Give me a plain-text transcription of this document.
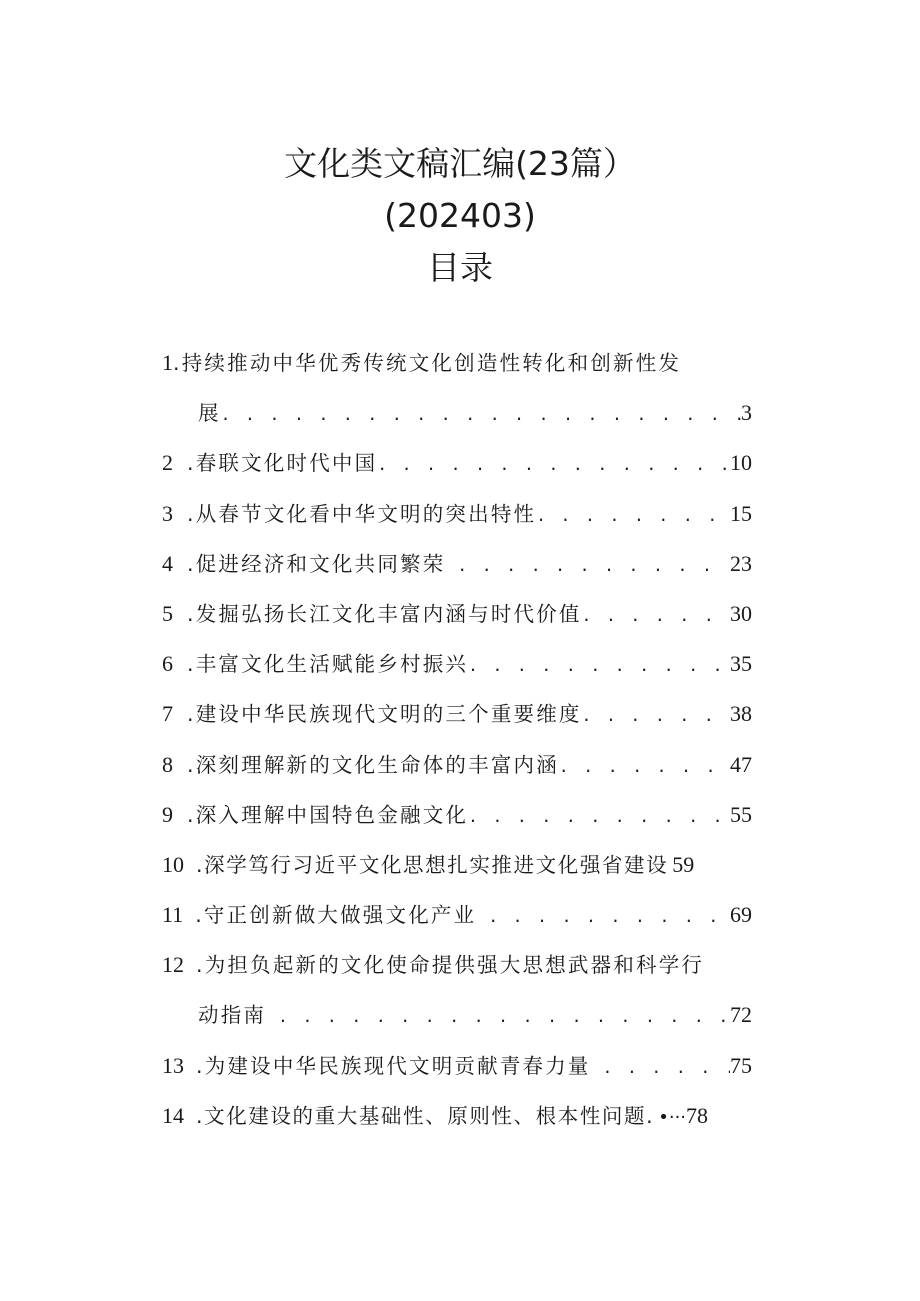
文化类文稿汇编(23篇）
(202403)
目录
1 .持续推动中华优秀传统文化创造性转化和创新性发
展 . . .	3
2 .春联文化时代中国 . . .	10
3 .从春节文化看中华文明的突出特性 . . .	15
4 .促进经济和文化共同繁荣 . . .	23
5 .发掘弘扬长江文化丰富内涵与时代价值 . . .	30
6 .丰富文化生活赋能乡村振兴 . . .	35
7 .建设中华民族现代文明的三个重要维度 . . .	38
8 .深刻理解新的文化生命体的丰富内涵 . . .	47
9 .深入理解中国特色金融文化 . . .	55
10 .深学笃行习近平文化思想扎实推进文化强省建设 59
11 .守正创新做大做强文化产业 . . .	69
12 .为担负起新的文化使命提供强大思想武器和科学行
动指南 . . .	72
13 .为建设中华民族现代文明贡献青春力量 . . .	75
14 .文化建设的重大基础性、原则性、根本性问题. •··· 78
